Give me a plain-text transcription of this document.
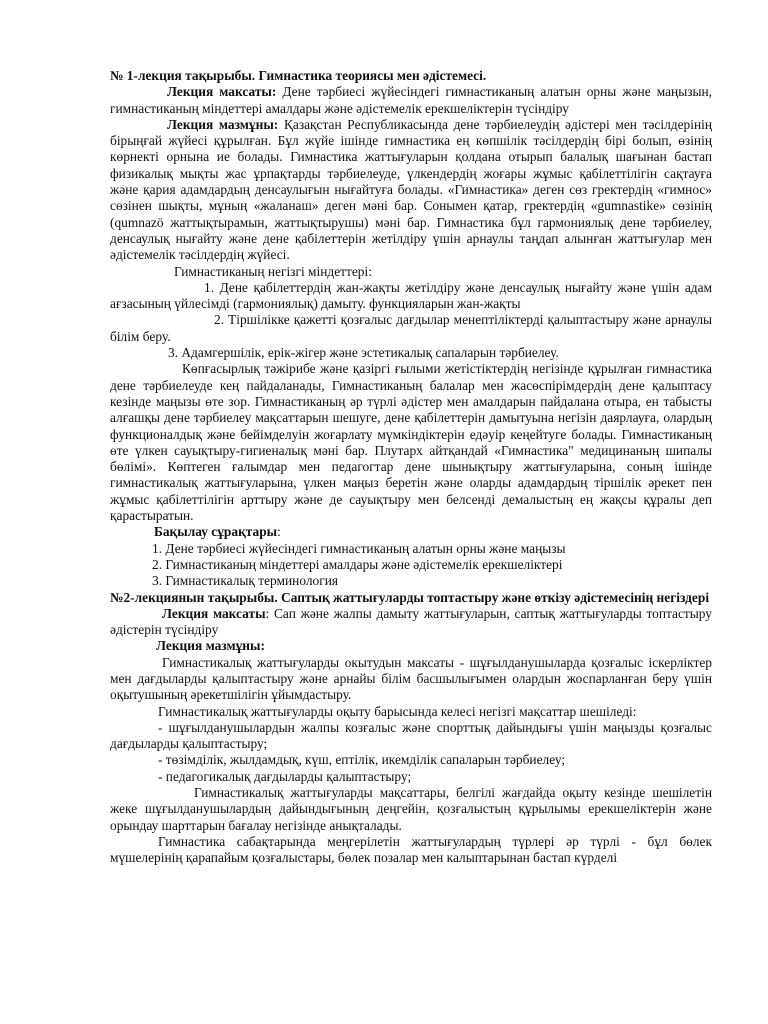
№ 1-лекция тақырыбы. Гимнастика теориясы мен әдістемесі.

Лекция максаты: Дене тәрбиесі жүйесіндегі гимнастиканың алатын орны және маңызын, гимнастиканың міндеттері амалдары және әдістемелік ерекшеліктерін түсіндіру

Лекция мазмұны: Қазақстан Республикасында дене тәрбиелеудің әдістері мен тәсілдерінің бірыңғай жүйесі құрылған. Бұл жүйе ішінде гимнастика ең көпшілік тәсілдердің бірі болып, өзінің көрнекті орнына ие болады. Гимнастика жаттығуларын қолдана отырып балалық шағынан бастап физикалық мықты жас ұрпақтарды тәрбиелеуде, үлкендердің жоғары жұмыс қабілеттілігін сақтауға және қария адамдардың денсаулығын нығайтуға болады. «Гимнастика» деген сөз гректердің «гимнос» сөзінен шықты, мұның «жаланаш» деген мәні бар. Сонымен қатар, гректердің «gumnastike» сөзінің (qumnazö жаттықтырамын, жаттықтырушы) мәні бар. Гимнастика бұл гармониялық дене тәрбиелеу, денсаулық нығайту және дене қабілеттерін жетілдіру үшін арнаулы таңдап алынған жаттығулар мен әдістемелік тәсілдердің жүйесі.

Гимнастиканың негізгі міндеттері:

1. Дене қабілеттердің жан-жақты жетілдіру және денсаулық нығайту және үшін адам ағзасының үйлесімді (гармониялық) дамыту. функцияларын жан-жақты

2. Тіршілікке қажетті қозғалыс дағдылар менептіліктерді қалыптастыру және арнаулы білім беру.

3. Адамгершілік, ерік-жігер және эстетикалық сапаларын тәрбиелеу.

Көпғасырлық тәжірибе және қазіргі ғылыми жетістіктердің негізінде құрылған гимнастика дене тәрбиелеуде кең пайдаланады, Гимнастиканың балалар мен жасөспірімдердің дене қалыптасу кезінде маңызы өте зор. Гимнастиканың әр түрлі әдістер мен амалдарын пайдалана отыра, ен табысты алғашқы дене тәрбиелеу мақсаттарын шешуге, дене қабілеттерін дамытуына негізін даярлауға, олардың функционалдық және бейімделуін жоғарлату мүмкіндіктерін едәуір кеңейтуге болады. Гимнастиканың өте үлкен сауықтыру-гигиеналық мәні бар. Плутарх айтқандай «Гимнастика" медицинаның шипалы бөлімі». Көптеген ғалымдар мен педагогтар дене шынықтыру жаттығуларына, соның ішінде гимнастикалық жаттығуларына, үлкен маңыз беретін және оларды адамдардың тіршілік әрекет пен жұмыс қабілеттілігін арттыру және де сауықтыру мен белсенді демалыстың ең жақсы құралы деп қарастыратын.

Бақылау сұрақтары:

1. Дене тәрбиесі жүйесіндегі гимнастиканың алатын орны және маңызы

2. Гимнастиканың міндеттері амалдары және әдістемелік ерекшеліктері

3. Гимнастикалық терминология

№2-лекциянын тақырыбы. Саптық жаттығуларды топтастыру және өткізу әдістемесінің негіздері

Лекция максаты: Сап және жалпы дамыту жаттығуларын, саптық жаттығуларды топтастыру әдістерін түсіндіру

Лекция мазмұны:

Гимнастикалық жаттығуларды окытудын максаты - шұғылданушыларда қозғалыс іскерліктер мен дағдыларды қалыптастыру және арнайы білім басшылығымен олардын жоспарланған беру үшін оқытушының әрекетшілігін ұйымдастыру.

Гимнастикалық жаттығуларды оқыту барысында келесі негізгі мақсаттар шешіледі:

- шұғылданушылардын жалпы козғалыс және спорттық дайындығы үшін маңызды қозғалыс дағдыларды қалыптастыру;

- төзімділік, жылдамдық, күш, ептілік, икемділік сапаларын тәрбиелеу;

- педагогикалық дағдыларды қалыптастыру;

Гимнастикалық жаттығуларды мақсаттары, белгілі жағдайда оқыту кезінде шешілетін жеке шұғылданушылардың дайындығының деңгейін, қозғалыстың құрылымы ерекшеліктерін және орындау шарттарын бағалау негізінде анықталады.

Гимнастика сабақтарында меңгерілетін жаттығулардың түрлері әр түрлі - бұл бөлек мүшелерінің қарапайым қозғалыстары, бөлек позалар мен калыптарынан бастап күрделі
